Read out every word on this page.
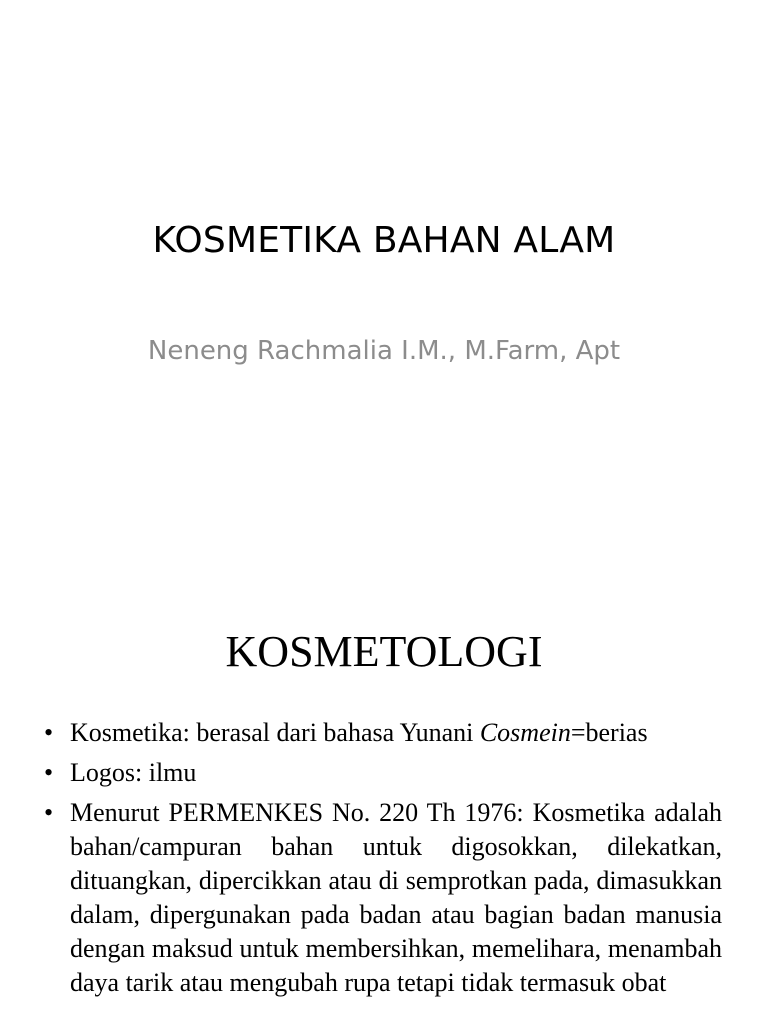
KOSMETIKA BAHAN ALAM
Neneng Rachmalia I.M., M.Farm, Apt
KOSMETOLOGI
• Kosmetika: berasal dari bahasa Yunani Cosmein=berias
• Logos: ilmu
• Menurut PERMENKES No. 220 Th 1976: Kosmetika adalah bahan/campuran bahan untuk digosokkan, dilekatkan, dituangkan, dipercikkan atau di semprotkan pada, dimasukkan dalam, dipergunakan pada badan atau bagian badan manusia dengan maksud untuk membersihkan, memelihara, menambah daya tarik atau mengubah rupa tetapi tidak termasuk obat
